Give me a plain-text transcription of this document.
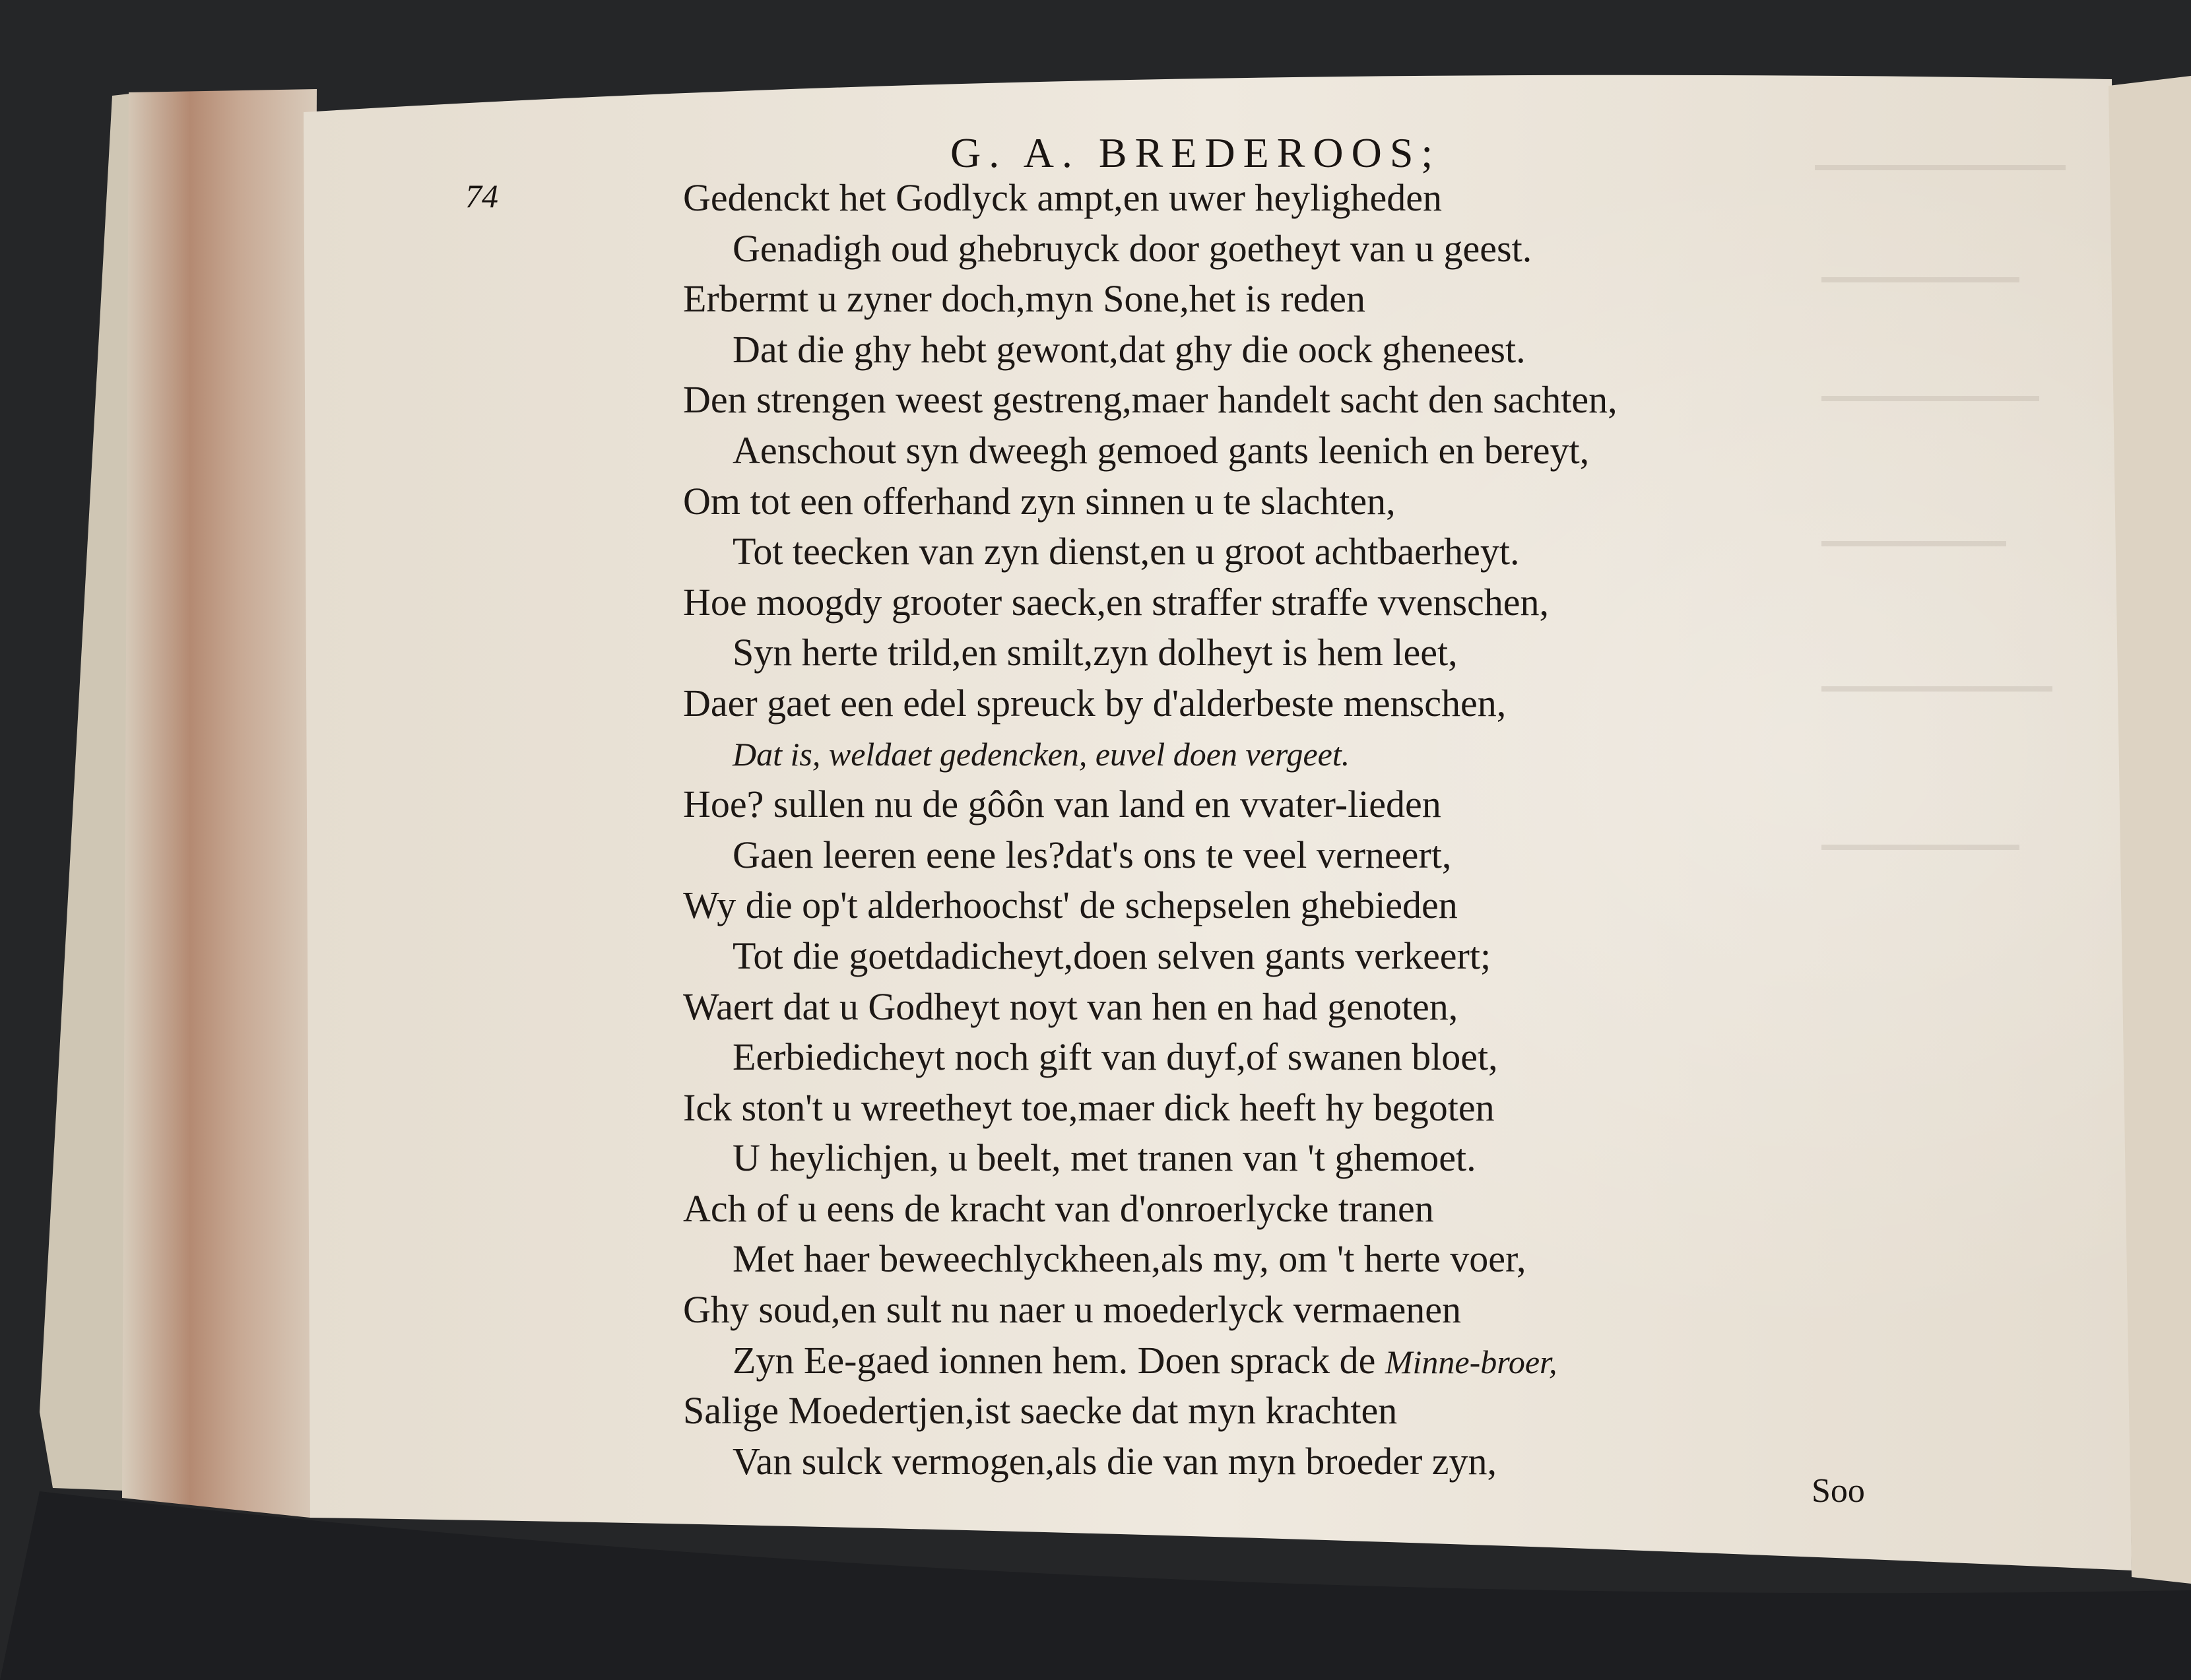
G. A. BREDEROOS;
74	Gedenckt het Godlyck ampt,en uwer heyligheden
Genadigh oud ghebruyck door goetheyt van u geest.
Erbermt u zyner doch,myn Sone,het is reden
Dat die ghy hebt gewont,dat ghy die oock gheneest.
Den strengen weest gestreng,maer handelt sacht den sachten,
Aenschout syn dweegh gemoed gants leenich en bereyt,
Om tot een offerhand zyn sinnen u te slachten,
Tot teecken van zyn dienst,en u groot achtbaerheyt.
Hoe moogdy grooter saeck,en straffer straffe vvenschen,
Syn herte trild,en smilt,zyn dolheyt is hem leet,
Daer gaet een edel spreuck by d'alderbeste menschen,
Dat is, weldaet gedencken, euvel doen vergeet.
Hoe? sullen nu de gôôn van land en vvater-lieden
Gaen leeren eene les?dat's ons te veel verneert,
Wy die op't alderhoochst' de schepselen ghebieden
Tot die goetdadicheyt,doen selven gants verkeert;
Waert dat u Godheyt noyt van hen en had genoten,
Eerbiedicheyt noch gift van duyf,of swanen bloet,
Ick ston't u wreetheyt toe,maer dick heeft hy begoten
U heylichjen, u beelt, met tranen van 't ghemoet.
Ach of u eens de kracht van d'onroerlycke tranen
Met haer beweechlyckheen,als my, om 't herte voer,
Ghy soud,en sult nu naer u moederlyck vermaenen
Zyn Ee-gaed ionnen hem. Doen sprack de Minne-broer,
Salige Moedertjen,ist saecke dat myn krachten
Van sulck vermogen,als die van myn broeder zyn,
Soo
